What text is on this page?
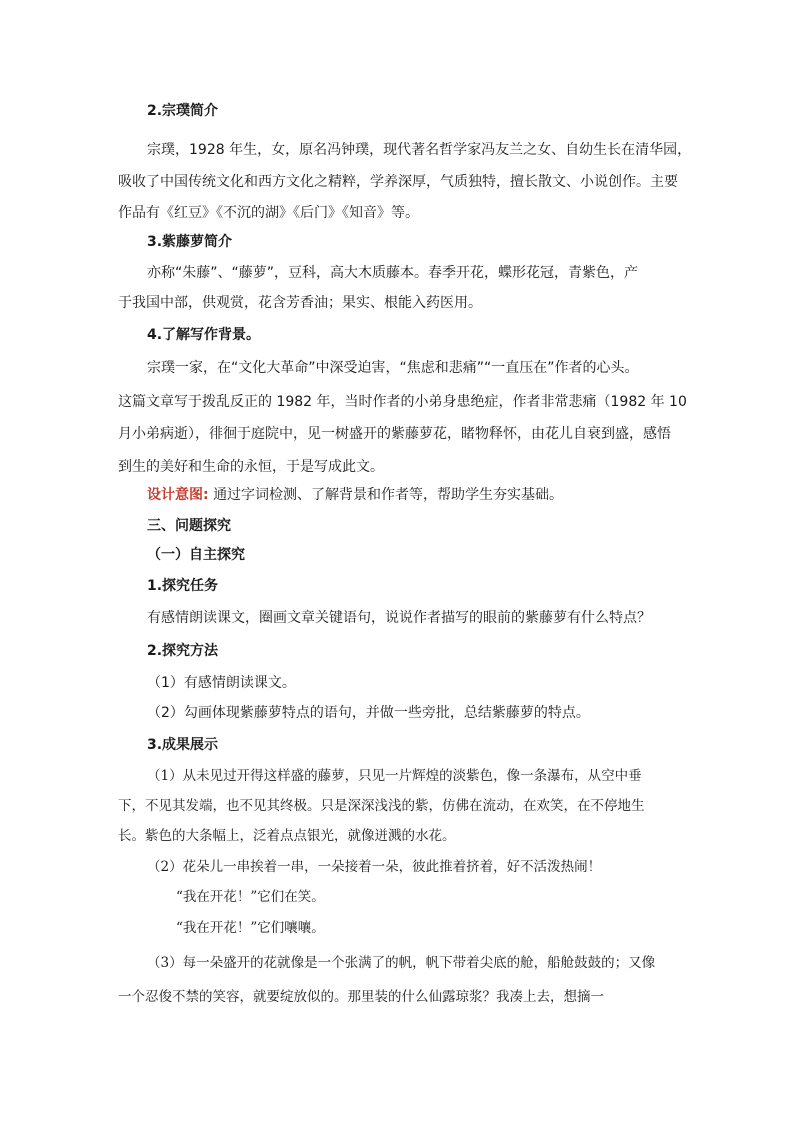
2.宗璞简介
宗璞，1928 年生，女，原名冯钟璞，现代著名哲学家冯友兰之女、自幼生长在清华园，
吸收了中国传统文化和西方文化之精粹，学养深厚，气质独特，擅长散文、小说创作。主要
作品有《红豆》《不沉的湖》《后门》《知音》等。
3.紫藤萝简介
亦称“朱藤”、“藤萝”，豆科，高大木质藤本。春季开花，蝶形花冠，青紫色，产
于我国中部，供观赏，花含芳香油；果实、根能入药医用。
4.了解写作背景。
宗璞一家，在“文化大革命”中深受迫害，“焦虑和悲痛”“一直压在”作者的心头。
这篇文章写于拨乱反正的 1982 年，当时作者的小弟身患绝症，作者非常悲痛（1982 年 10
月小弟病逝），徘徊于庭院中，见一树盛开的紫藤萝花，睹物释怀，由花儿自衰到盛，感悟
到生的美好和生命的永恒，于是写成此文。
设计意图: 通过字词检测、了解背景和作者等，帮助学生夯实基础。
三、问题探究
（一）自主探究
1.探究任务
有感情朗读课文，圈画文章关键语句，说说作者描写的眼前的紫藤萝有什么特点？
2.探究方法
（1）有感情朗读课文。
（2）勾画体现紫藤萝特点的语句，并做一些旁批，总结紫藤萝的特点。
3.成果展示
（1）从未见过开得这样盛的藤萝，只见一片辉煌的淡紫色，像一条瀑布，从空中垂
下，不见其发端，也不见其终极。只是深深浅浅的紫，仿佛在流动，在欢笑，在不停地生
长。紫色的大条幅上，泛着点点银光，就像迸溅的水花。
（2）花朵儿一串挨着一串，一朵接着一朵，彼此推着挤着，好不活泼热闹！
“我在开花！”它们在笑。
“我在开花！”它们嚷嚷。
（3）每一朵盛开的花就像是一个张满了的帆，帆下带着尖底的舱，船舱鼓鼓的；又像
一个忍俊不禁的笑容，就要绽放似的。那里装的什么仙露琼浆？我凑上去，想摘一
